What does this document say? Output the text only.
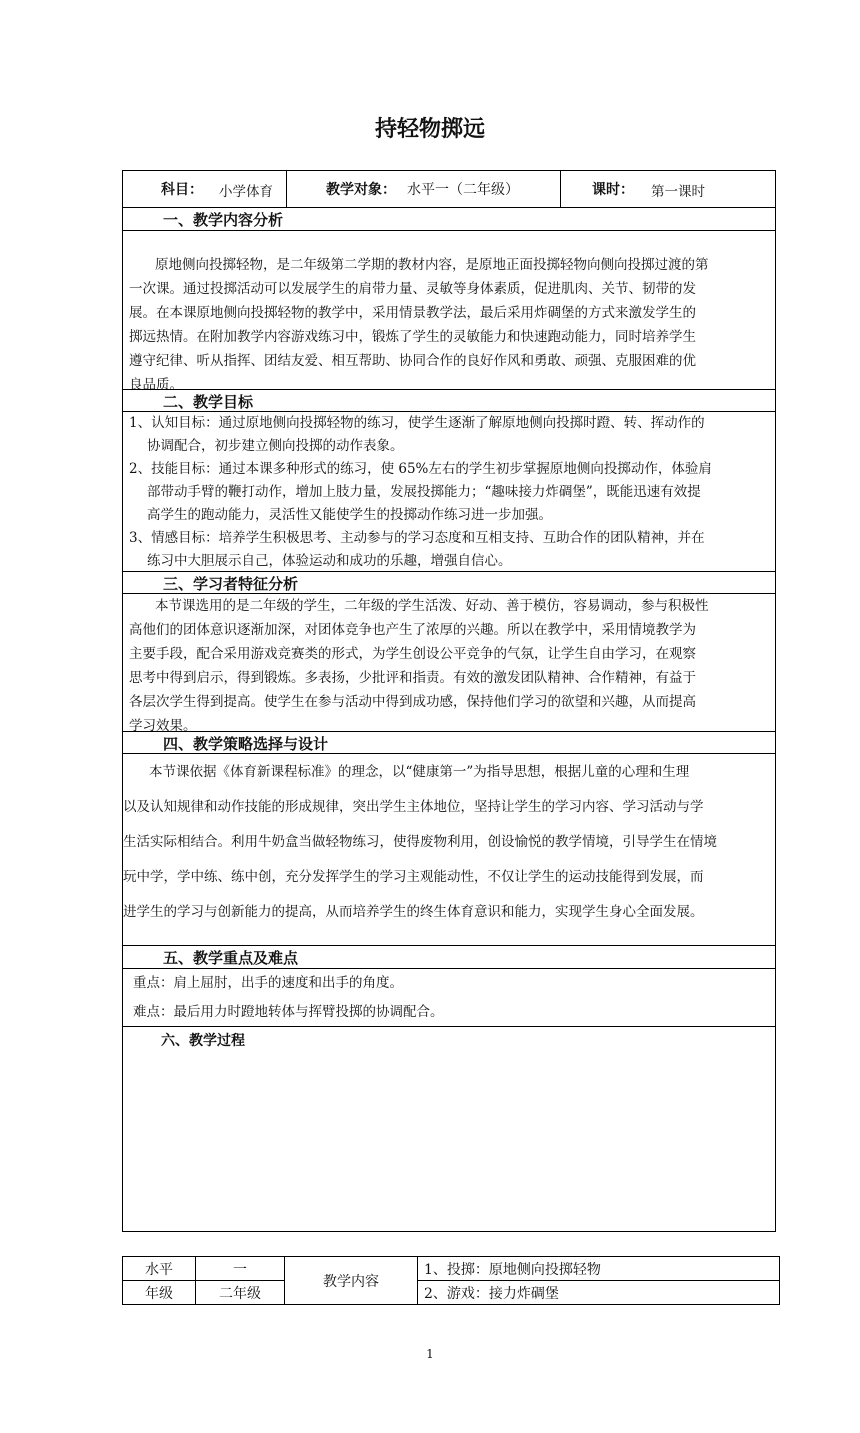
持轻物掷远
科目： 小学体育	教学对象： 水平一（二年级）	课时： 第一课时
一、教学内容分析
原地侧向投掷轻物，是二年级第二学期的教材内容，是原地正面投掷轻物向侧向投掷过渡的第
一次课。通过投掷活动可以发展学生的肩带力量、灵敏等身体素质，促进肌肉、关节、韧带的发
展。在本课原地侧向投掷轻物的教学中，采用情景教学法，最后采用炸碉堡的方式来激发学生的
掷远热情。在附加教学内容游戏练习中，锻炼了学生的灵敏能力和快速跑动能力，同时培养学生
遵守纪律、听从指挥、团结友爱、相互帮助、协同合作的良好作风和勇敢、顽强、克服困难的优
良品质。
二、教学目标
1、认知目标：通过原地侧向投掷轻物的练习，使学生逐渐了解原地侧向投掷时蹬、转、挥动作的
协调配合，初步建立侧向投掷的动作表象。
2、技能目标：通过本课多种形式的练习，使 65%左右的学生初步掌握原地侧向投掷动作，体验肩
部带动手臂的鞭打动作，增加上肢力量，发展投掷能力；“趣味接力炸碉堡”，既能迅速有效提
高学生的跑动能力，灵活性又能使学生的投掷动作练习进一步加强。
3、情感目标：培养学生积极思考、主动参与的学习态度和互相支持、互助合作的团队精神，并在
练习中大胆展示自己，体验运动和成功的乐趣，增强自信心。
三、学习者特征分析
本节课选用的是二年级的学生，二年级的学生活泼、好动、善于模仿，容易调动，参与积极性
高他们的团体意识逐渐加深，对团体竞争也产生了浓厚的兴趣。所以在教学中，采用情境教学为
主要手段，配合采用游戏竞赛类的形式，为学生创设公平竞争的气氛，让学生自由学习，在观察
思考中得到启示，得到锻炼。多表扬，少批评和指责。有效的激发团队精神、合作精神，有益于
各层次学生得到提高。使学生在参与活动中得到成功感，保持他们学习的欲望和兴趣，从而提高
学习效果。
四、教学策略选择与设计
本节课依据《体育新课程标准》的理念，以“健康第一”为指导思想，根据儿童的心理和生理
以及认知规律和动作技能的形成规律，突出学生主体地位，坚持让学生的学习内容、学习活动与学
生活实际相结合。利用牛奶盒当做轻物练习，使得废物利用，创设愉悦的教学情境，引导学生在情境
玩中学，学中练、练中创，充分发挥学生的学习主观能动性，不仅让学生的运动技能得到发展，而
进学生的学习与创新能力的提高，从而培养学生的终生体育意识和能力，实现学生身心全面发展。
五、教学重点及难点
重点：肩上屈肘，出手的速度和出手的角度。
难点：最后用力时蹬地转体与挥臂投掷的协调配合。
六、教学过程
水平	一	教学内容	1、投掷：原地侧向投掷轻物
年级	二年级		2、游戏：接力炸碉堡
1
